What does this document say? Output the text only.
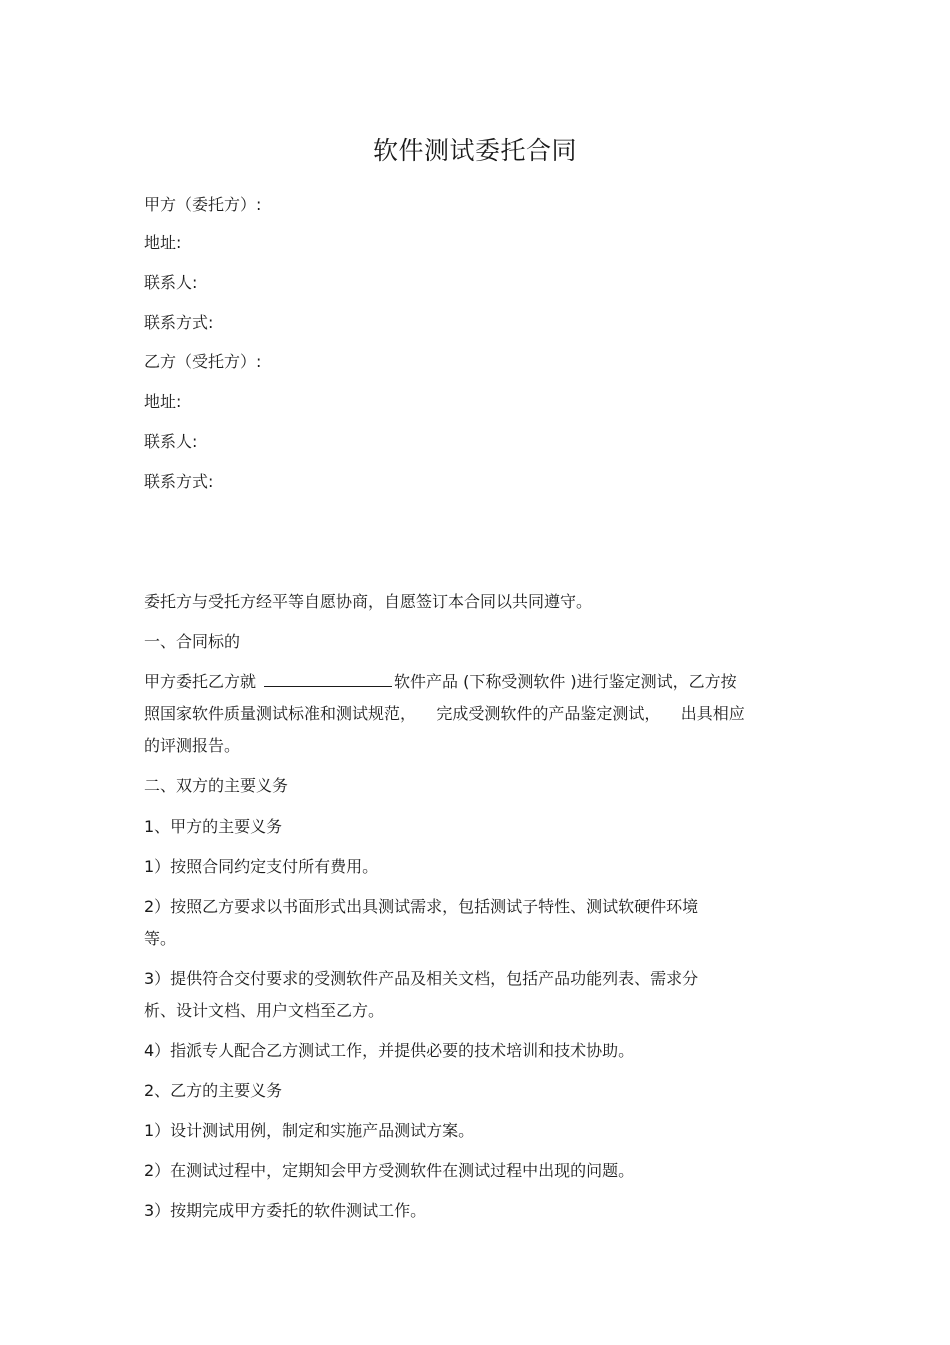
软件测试委托合同
甲方（委托方）:
地址:
联系人:
联系方式:
乙方（受托方）:
地址:
联系人:
联系方式:
委托方与受托方经平等自愿协商，自愿签订本合同以共同遵守。
一、合同标的
甲方委托乙方就	软件产品 (下称受测软件 )进行鉴定测试，乙方按
照国家软件质量测试标准和测试规范，    完成受测软件的产品鉴定测试，    出具相应
的评测报告。
二、双方的主要义务
1、甲方的主要义务
1）按照合同约定支付所有费用。
2）按照乙方要求以书面形式出具测试需求，包括测试子特性、测试软硬件环境
等。
3）提供符合交付要求的受测软件产品及相关文档，包括产品功能列表、需求分
析、设计文档、用户文档至乙方。
4）指派专人配合乙方测试工作，并提供必要的技术培训和技术协助。
2、乙方的主要义务
1）设计测试用例，制定和实施产品测试方案。
2）在测试过程中，定期知会甲方受测软件在测试过程中出现的问题。
3）按期完成甲方委托的软件测试工作。
